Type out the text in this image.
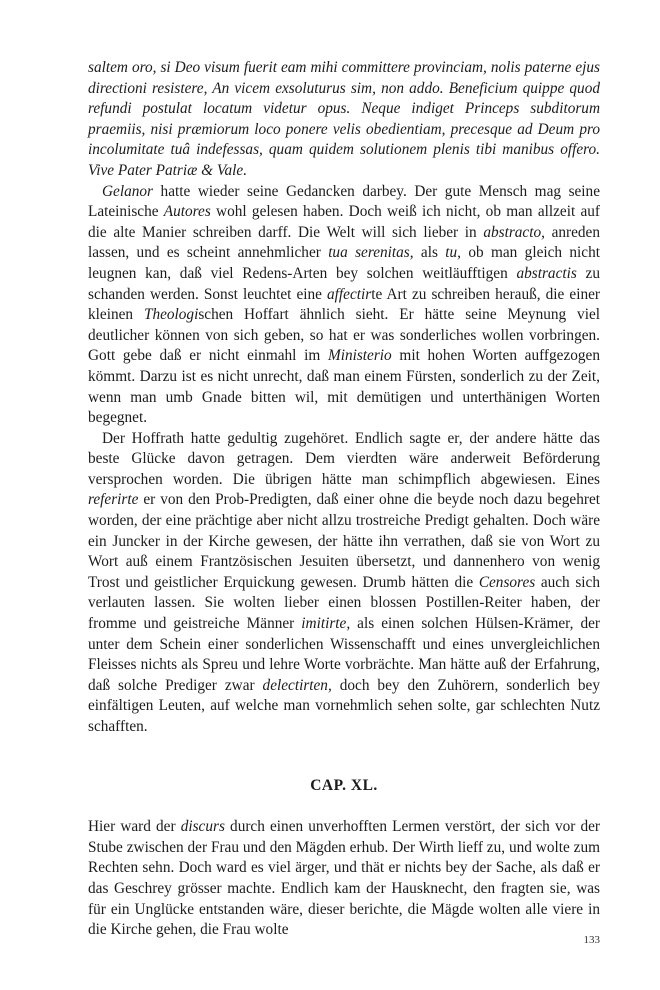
saltem oro, si Deo visum fuerit eam mihi committere provinciam, nolis paterne ejus directioni resistere, An vicem exsoluturus sim, non addo. Beneficium quippe quod refundi postulat locatum videtur opus. Neque indiget Princeps subditorum praemiis, nisi præmiorum loco ponere velis obedientiam, precesque ad Deum pro incolumitate tuâ indefessas, quam quidem solutionem plenis tibi manibus offero. Vive Pater Patriæ & Vale.

Gelanor hatte wieder seine Gedancken darbey. Der gute Mensch mag seine Lateinische Autores wohl gelesen haben. Doch weiß ich nicht, ob man allzeit auf die alte Manier schreiben darff. Die Welt will sich lieber in abstracto, anreden lassen, und es scheint annehmlicher tua serenitas, als tu, ob man gleich nicht leugnen kan, daß viel Redens-Arten bey solchen weitläufftigen abstractis zu schanden werden. Sonst leuchtet eine affectirte Art zu schreiben herauß, die einer kleinen Theologischen Hoffart ähnlich sieht. Er hätte seine Meynung viel deutlicher können von sich geben, so hat er was sonderliches wollen vorbringen. Gott gebe daß er nicht einmahl im Ministerio mit hohen Worten auffgezogen kömmt. Darzu ist es nicht unrecht, daß man einem Fürsten, sonderlich zu der Zeit, wenn man umb Gnade bitten wil, mit demütigen und unterthänigen Worten begegnet.

Der Hoffrath hatte gedultig zugehöret. Endlich sagte er, der andere hätte das beste Glücke davon getragen. Dem vierdten wäre anderweit Beförderung versprochen worden. Die übrigen hätte man schimpflich abgewiesen. Eines referirte er von den Prob-Predigten, daß einer ohne die beyde noch dazu begehret worden, der eine prächtige aber nicht allzu trostreiche Predigt gehalten. Doch wäre ein Juncker in der Kirche gewesen, der hätte ihn verrathen, daß sie von Wort zu Wort auß einem Frantzösischen Jesuiten übersetzt, und dannenhero von wenig Trost und geistlicher Erquickung gewesen. Drumb hätten die Censores auch sich verlauten lassen. Sie wolten lieber einen blossen Postillen-Reiter haben, der fromme und geistreiche Männer imitirte, als einen solchen Hülsen-Krämer, der unter dem Schein einer sonderlichen Wissenschafft und eines unvergleichlichen Fleisses nichts als Spreu und lehre Worte vorbrächte. Man hätte auß der Erfahrung, daß solche Prediger zwar delectirten, doch bey den Zuhörern, sonderlich bey einfältigen Leuten, auf welche man vornehmlich sehen solte, gar schlechten Nutz schafften.

CAP. XL.

Hier ward der discurs durch einen unverhofften Lermen verstört, der sich vor der Stube zwischen der Frau und den Mägden erhub. Der Wirth lieff zu, und wolte zum Rechten sehn. Doch ward es viel ärger, und thät er nichts bey der Sache, als daß er das Geschrey grösser machte. Endlich kam der Hausknecht, den fragten sie, was für ein Unglücke entstanden wäre, dieser berichte, die Mägde wolten alle viere in die Kirche gehen, die Frau wolte

133
